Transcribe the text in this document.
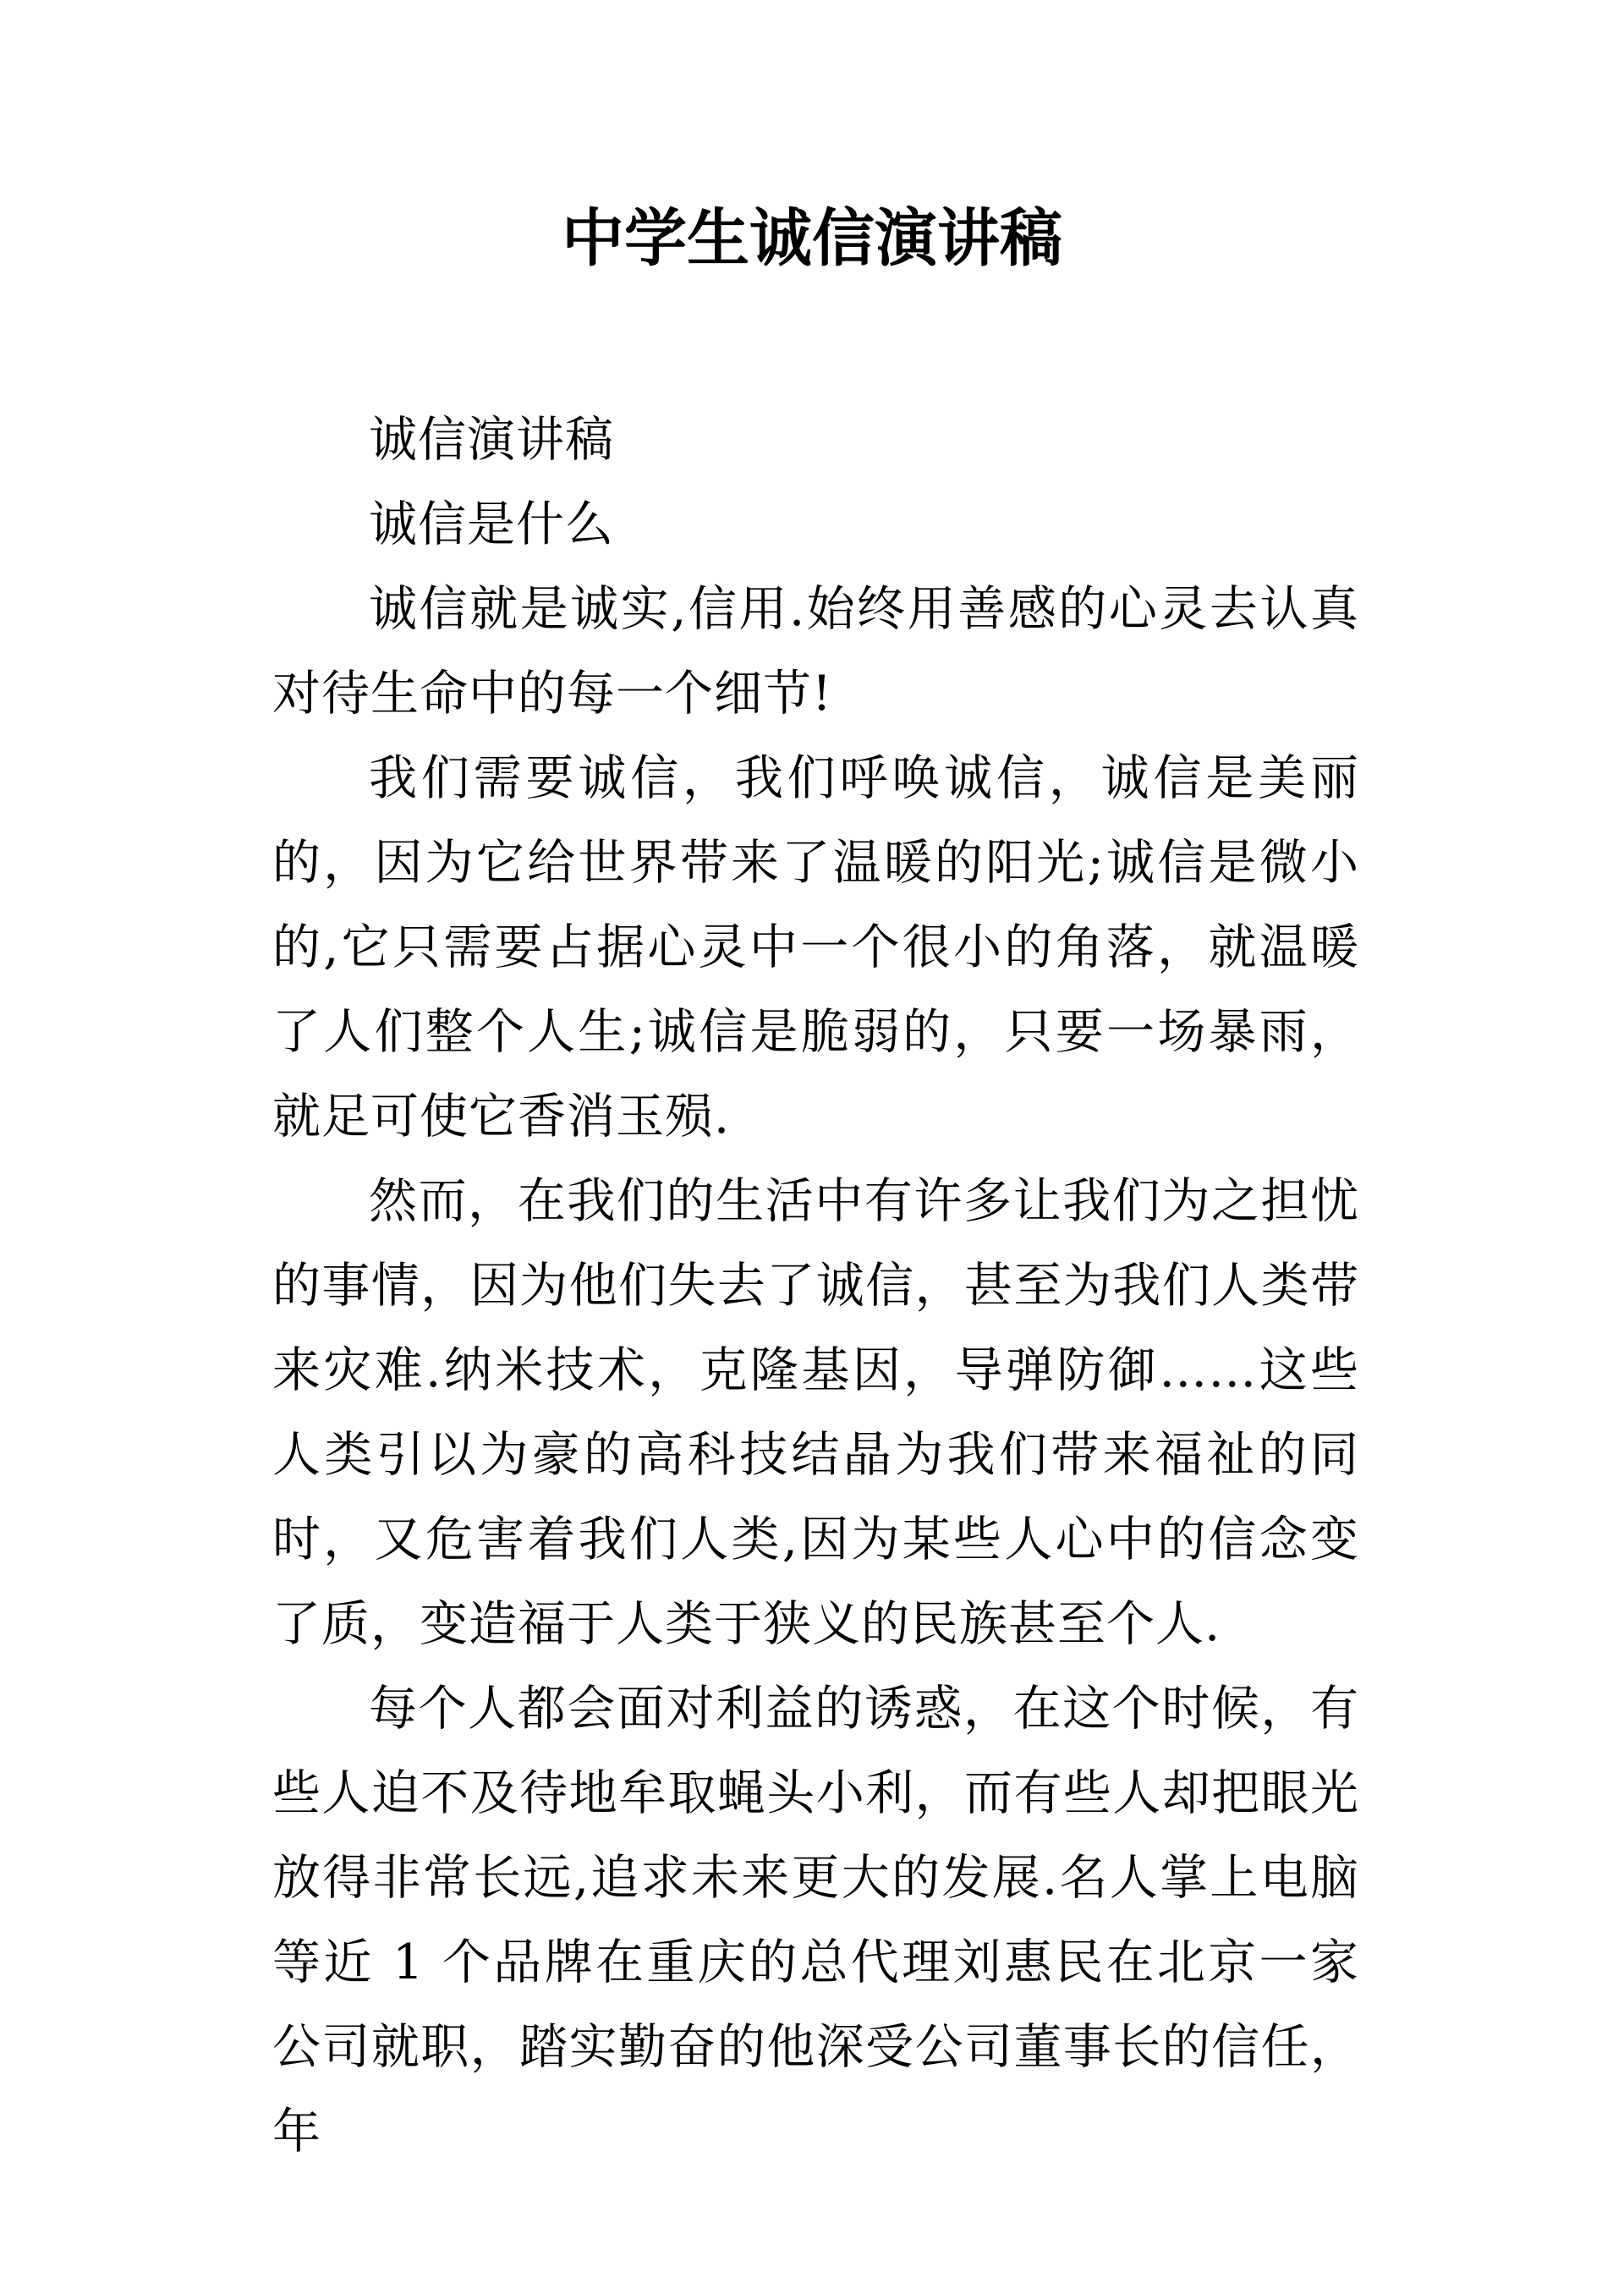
中学生诚信演讲稿

诚信演讲稿

诚信是什么

诚信就是诚实,信用.始终用善感的心灵去认真对待生命中的每一个细节!

我们需要诚信，我们呼唤诚信，诚信是美丽的，因为它给世界带来了温暖的阳光;诚信是微小的,它只需要占据心灵中一个很小的角落，就温暖了人们整个人生;诚信是脆弱的，只要一场暴雨，就足可使它香消玉殒.

然而，在我们的生活中有许多让我们为之担忧的事情，因为他们失去了诚信，甚至为我们人类带来灾难.纳米技术，克隆基因，导弹防御……这些人类引以为豪的高科技结晶为我们带来福祉的同时，又危害着我们人类,因为某些人心中的信念变了质，变造福于人类于狭义的民族甚至个人.

每个人都会面对利益的诱惑，在这个时候，有些人迫不及待地牟取蝇头小利，而有些人却把眼光放得非常长远,追求未来更大的发展.名人掌上电脑等近 1 个品牌在重庆的总代理刘惠民在北京一家公司就职，踏实勤奋的他深受公司董事长的信任，年
